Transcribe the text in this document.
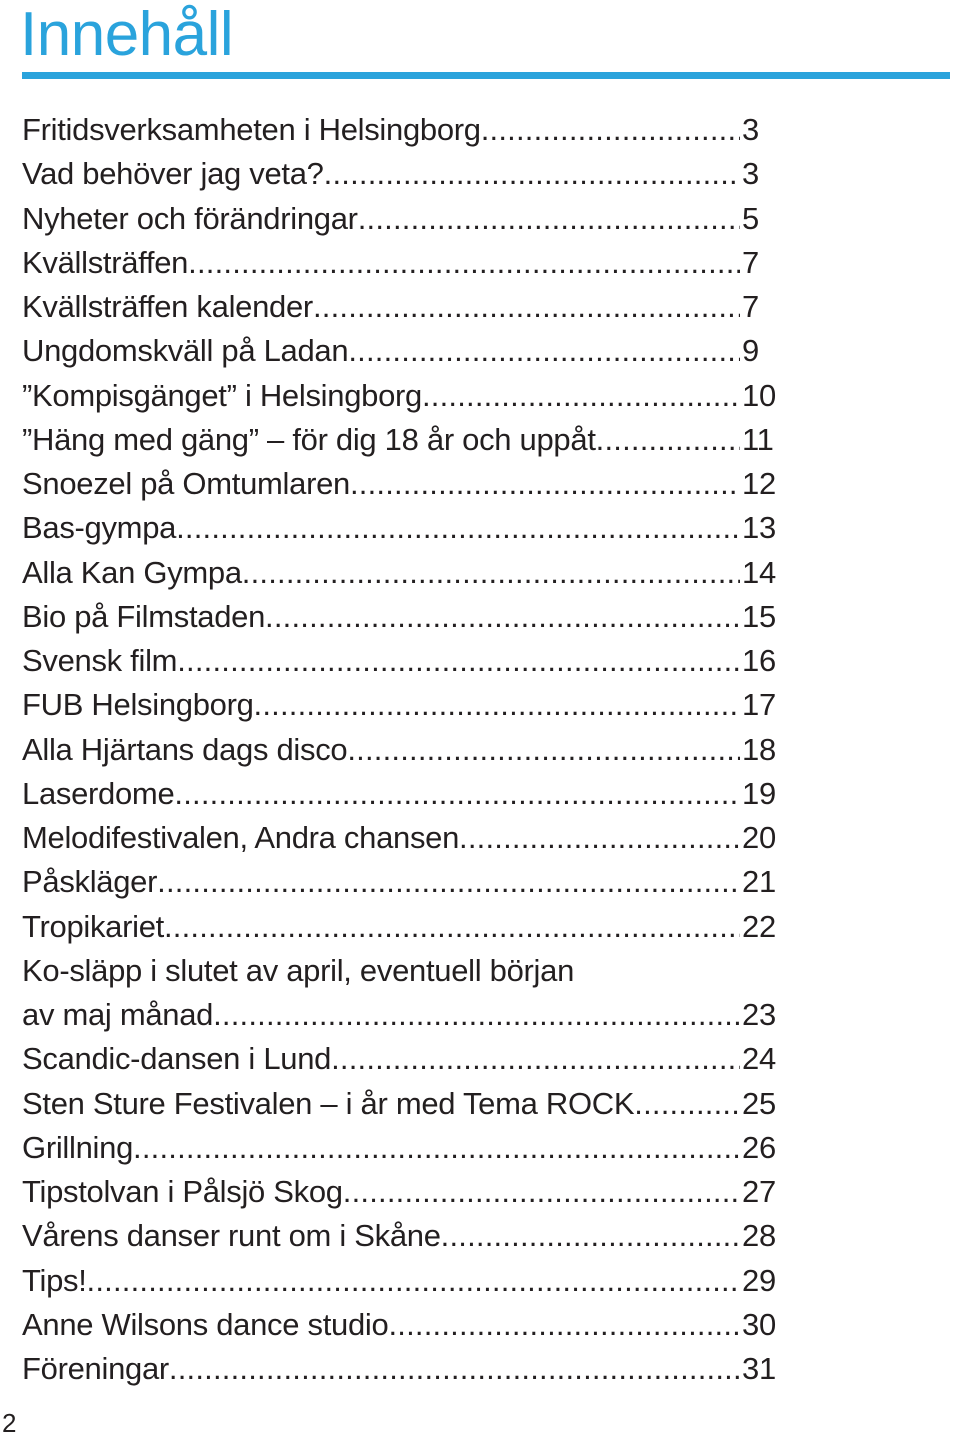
Innehåll
Fritidsverksamheten i Helsingborg .....	3
Vad behöver jag veta? .....	3
Nyheter och förändringar .....	5
Kvällsträffen .....	7
Kvällsträffen kalender .....	7
Ungdomskväll på Ladan .....	9
”Kompisgänget” i Helsingborg .....	10
”Häng med gäng” – för dig 18 år och uppåt .....	11
Snoezel på Omtumlaren .....	12
Bas-gympa .....	13
Alla Kan Gympa .....	14
Bio på Filmstaden .....	15
Svensk film .....	16
FUB Helsingborg .....	17
Alla Hjärtans dags disco .....	18
Laserdome .....	19
Melodifestivalen, Andra chansen .....	20
Påskläger .....	21
Tropikariet .....	22
Ko-släpp i slutet av april, eventuell början
av maj månad .....	23
Scandic-dansen i Lund .....	24
Sten Sture Festivalen – i år med Tema ROCK .....	25
Grillning .....	26
Tipstolvan i Pålsjö Skog .....	27
Vårens danser runt om i Skåne .....	28
Tips! .....	29
Anne Wilsons dance studio .....	30
Föreningar .....	31
2
